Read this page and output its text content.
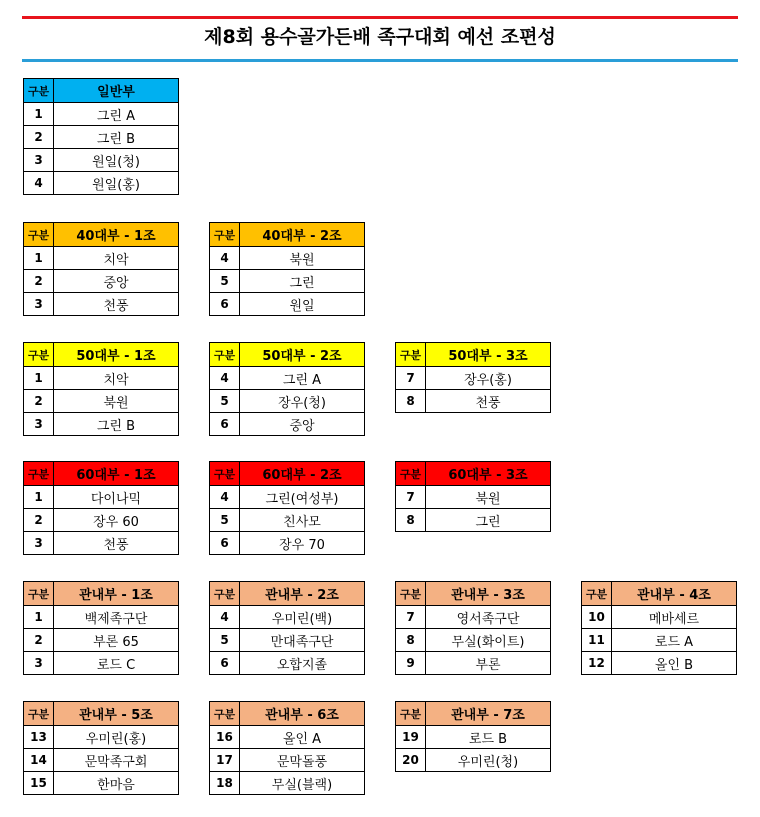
제8회 용수골가든배 족구대회 예선 조편성
구분	일반부
1	그린 A
2	그린 B
3	원일(청)
4	원일(홍)
구분	40대부 - 1조
1	치악
2	중앙
3	천풍
구분	40대부 - 2조
4	북원
5	그린
6	원일
구분	50대부 - 1조
1	치악
2	북원
3	그린 B
구분	50대부 - 2조
4	그린 A
5	장우(청)
6	중앙
구분	50대부 - 3조
7	장우(홍)
8	천풍
구분	60대부 - 1조
1	다이나믹
2	장우 60
3	천풍
구분	60대부 - 2조
4	그린(여성부)
5	친사모
6	장우 70
구분	60대부 - 3조
7	북원
8	그린
구분	관내부 - 1조
1	백제족구단
2	부론 65
3	로드 C
구분	관내부 - 2조
4	우미린(백)
5	만대족구단
6	오합지졸
구분	관내부 - 3조
7	영서족구단
8	무실(화이트)
9	부론
구분	관내부 - 4조
10	메바세르
11	로드 A
12	올인 B
구분	관내부 - 5조
13	우미린(홍)
14	문막족구회
15	한마음
구분	관내부 - 6조
16	올인 A
17	문막돌풍
18	무실(블랙)
구분	관내부 - 7조
19	로드 B
20	우미린(청)
